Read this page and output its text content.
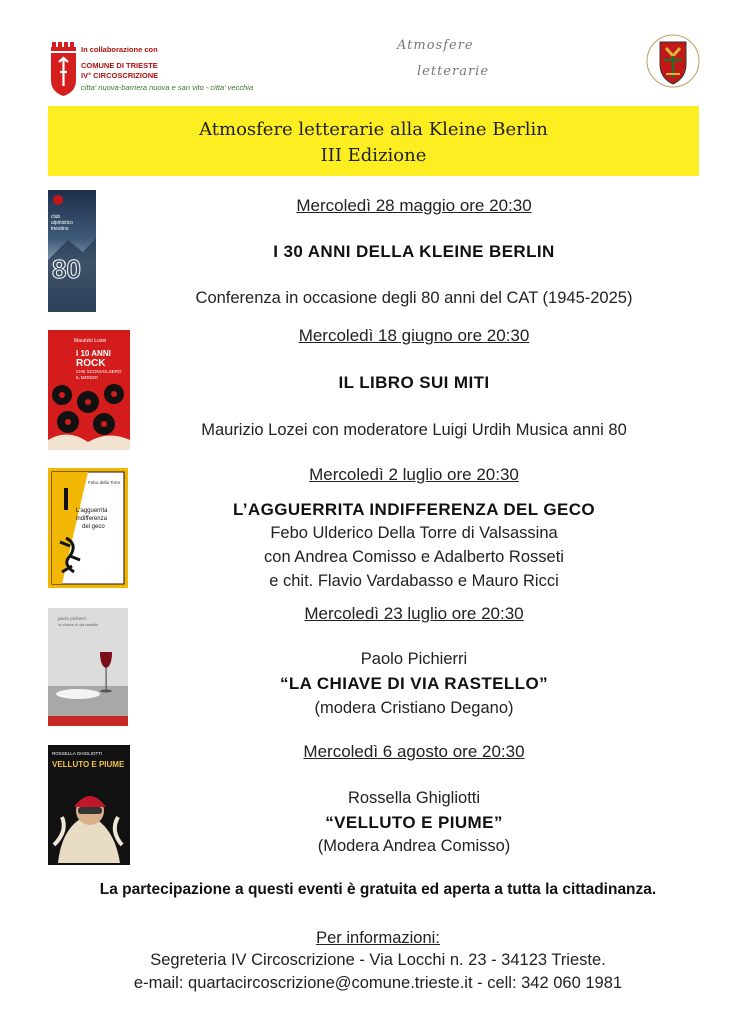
In collaborazione con
COMUNE DI TRIESTE
IV° CIRCOSCRIZIONE
citta' nuova-barriera nuova e san vito - citta' vecchia
Atmosfere
letterarie
Atmosfere letterarie alla Kleine Berlin
III Edizione
club
alpinistico
triestino
80
Maurizio Lozei
I 10 ANNI
ROCK
CHE SCONVOLSERO
IL MONDO
Febo della Torre
L'agguerrita
indifferenza
del geco
paolo pichierri
la chiave di via rastello
ROSSELLA GHIGLIOTTI
VELLUTO E PIUME
Mercoledì 28 maggio ore 20:30
I 30 ANNI DELLA KLEINE BERLIN
Conferenza in occasione degli 80 anni del CAT (1945-2025)
Mercoledì 18 giugno ore 20:30
IL LIBRO SUI MITI
Maurizio Lozei con moderatore Luigi Urdih Musica anni 80
Mercoledì 2 luglio ore 20:30
L’AGGUERRITA INDIFFERENZA DEL GECO
Febo Ulderico Della Torre di Valsassina
con Andrea Comisso e Adalberto Rosseti
e chit. Flavio Vardabasso e Mauro Ricci
Mercoledì 23 luglio ore 20:30
Paolo Pichierri
“LA CHIAVE DI VIA RASTELLO”
(modera Cristiano Degano)
Mercoledì 6 agosto ore 20:30
Rossella Ghigliotti
“VELLUTO E PIUME”
(Modera Andrea Comisso)
La partecipazione a questi eventi è gratuita ed aperta a tutta la cittadinanza.
Per informazioni:
Segreteria IV Circoscrizione - Via Locchi n. 23 - 34123 Trieste.
e-mail: quartacircoscrizione@comune.trieste.it - cell: 342 060 1981
